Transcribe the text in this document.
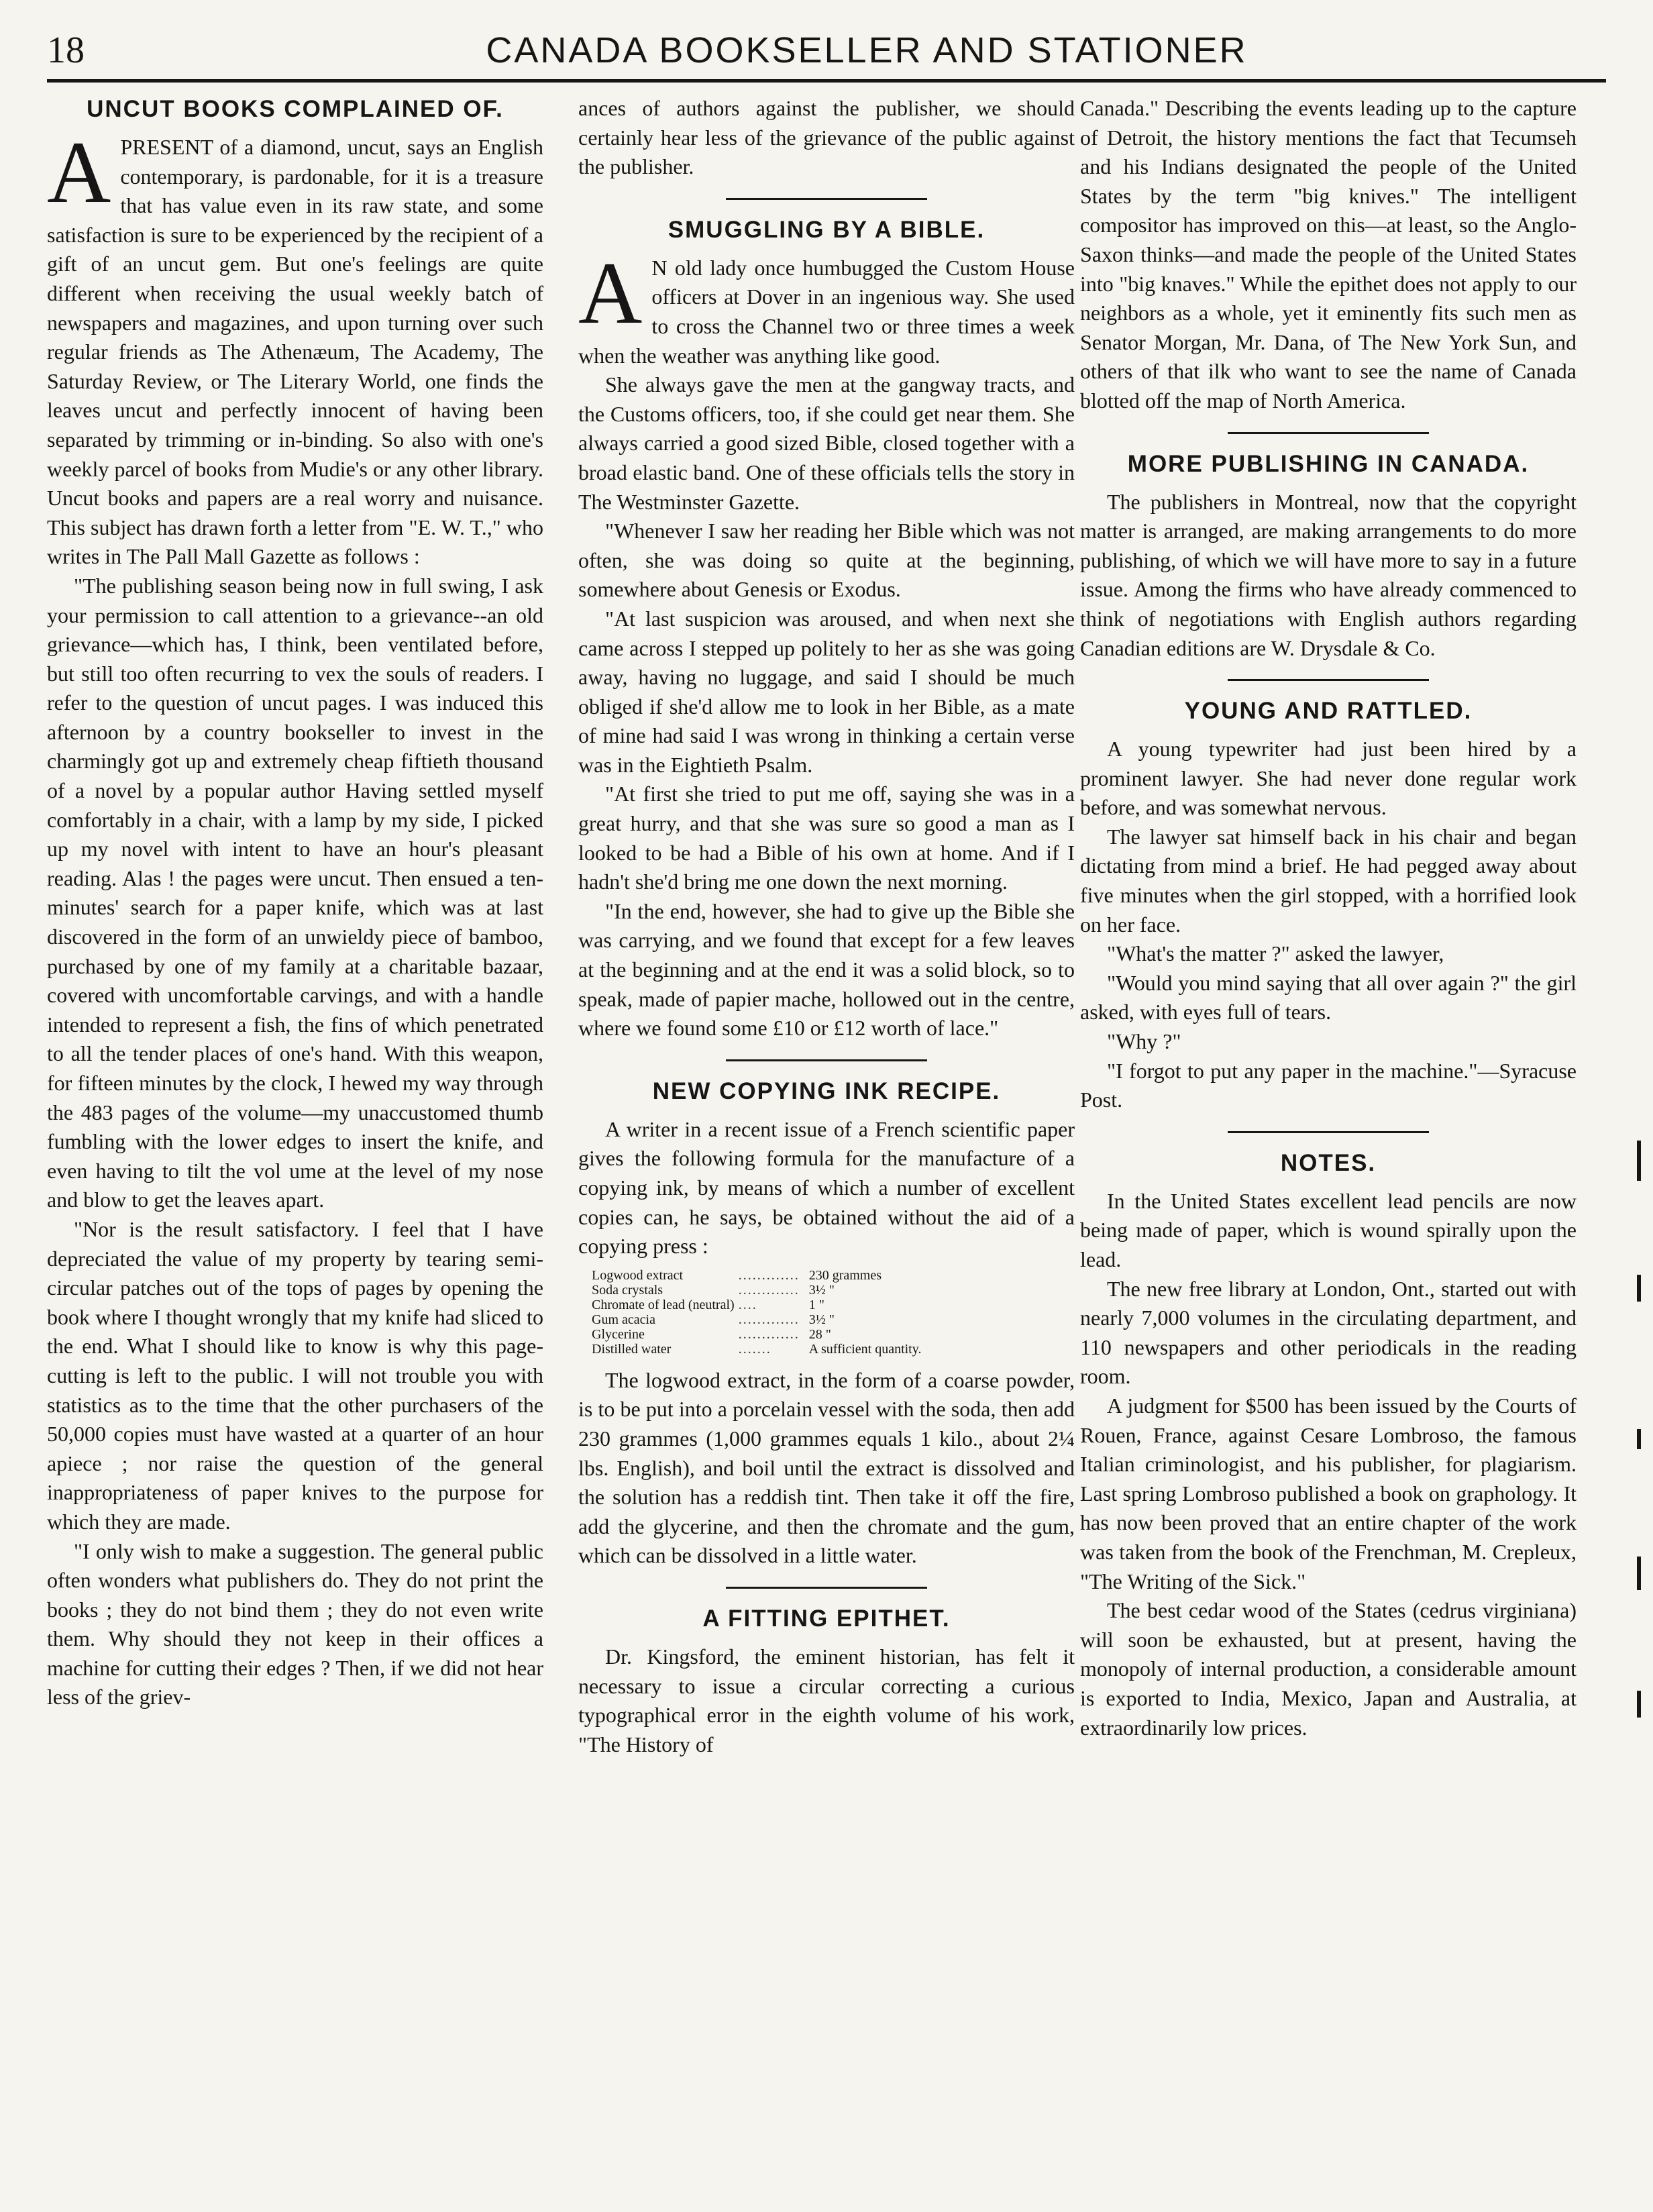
18	CANADA BOOKSELLER AND STATIONER
UNCUT BOOKS COMPLAINED OF.

APRESENT of a diamond, uncut, says an English contemporary, is pardonable, for it is a treasure that has value even in its raw state, and some satisfaction is sure to be experienced by the recipient of a gift of an uncut gem. But one's feelings are quite different when receiving the usual weekly batch of newspapers and magazines, and upon turning over such regular friends as The Athenæum, The Academy, The Saturday Review, or The Literary World, one finds the leaves uncut and perfectly innocent of having been separated by trimming or in-binding. So also with one's weekly parcel of books from Mudie's or any other library. Uncut books and papers are a real worry and nuisance. This subject has drawn forth a letter from "E. W. T.," who writes in The Pall Mall Gazette as follows :

"The publishing season being now in full swing, I ask your permission to call attention to a grievance--an old grievance—which has, I think, been ventilated before, but still too often recurring to vex the souls of readers. I refer to the question of uncut pages. I was induced this afternoon by a country bookseller to invest in the charmingly got up and extremely cheap fiftieth thousand of a novel by a popular author Having settled myself comfortably in a chair, with a lamp by my side, I picked up my novel with intent to have an hour's pleasant reading. Alas ! the pages were uncut. Then ensued a ten-minutes' search for a paper knife, which was at last discovered in the form of an unwieldy piece of bamboo, purchased by one of my family at a charitable bazaar, covered with uncomfortable carvings, and with a handle intended to represent a fish, the fins of which penetrated to all the tender places of one's hand. With this weapon, for fifteen minutes by the clock, I hewed my way through the 483 pages of the volume—my unaccustomed thumb fumbling with the lower edges to insert the knife, and even having to tilt the vol ume at the level of my nose and blow to get the leaves apart.

"Nor is the result satisfactory. I feel that I have depreciated the value of my property by tearing semi-circular patches out of the tops of pages by opening the book where I thought wrongly that my knife had sliced to the end. What I should like to know is why this page-cutting is left to the public. I will not trouble you with statistics as to the time that the other purchasers of the 50,000 copies must have wasted at a quarter of an hour apiece ; nor raise the question of the general inappropriateness of paper knives to the purpose for which they are made.

"I only wish to make a suggestion. The general public often wonders what publishers do. They do not print the books ; they do not bind them ; they do not even write them. Why should they not keep in their offices a machine for cutting their edges ? Then, if we did not hear less of the griev-

ances of authors against the publisher, we should certainly hear less of the grievance of the public against the publisher.

SMUGGLING BY A BIBLE.

A N old lady once humbugged the Custom House officers at Dover in an ingenious way. She used to cross the Channel two or three times a week when the weather was anything like good.

She always gave the men at the gangway tracts, and the Customs officers, too, if she could get near them. She always carried a good sized Bible, closed together with a broad elastic band. One of these officials tells the story in The Westminster Gazette.

"Whenever I saw her reading her Bible which was not often, she was doing so quite at the beginning, somewhere about Genesis or Exodus.

"At last suspicion was aroused, and when next she came across I stepped up politely to her as she was going away, having no luggage, and said I should be much obliged if she'd allow me to look in her Bible, as a mate of mine had said I was wrong in thinking a certain verse was in the Eightieth Psalm.

"At first she tried to put me off, saying she was in a great hurry, and that she was sure so good a man as I looked to be had a Bible of his own at home. And if I hadn't she'd bring me one down the next morning.

"In the end, however, she had to give up the Bible she was carrying, and we found that except for a few leaves at the beginning and at the end it was a solid block, so to speak, made of papier mache, hollowed out in the centre, where we found some £10 or £12 worth of lace."

NEW COPYING INK RECIPE.

A writer in a recent issue of a French scientific paper gives the following formula for the manufacture of a copying ink, by means of which a number of excellent copies can, he says, be obtained without the aid of a copying press :

Logwood extract	.............	230 grammes
Soda crystals	.............	3½ "
Chromate of lead (neutral)	....	1 "
Gum acacia	.............	3½ "
Glycerine	.............	28 "
Distilled water	.......	A sufficient quantity.

The logwood extract, in the form of a coarse powder, is to be put into a porcelain vessel with the soda, then add 230 grammes (1,000 grammes equals 1 kilo., about 2¼ lbs. English), and boil until the extract is dissolved and the solution has a reddish tint. Then take it off the fire, add the glycerine, and then the chromate and the gum, which can be dissolved in a little water.

A FITTING EPITHET.

Dr. Kingsford, the eminent historian, has felt it necessary to issue a circular correcting a curious typographical error in the eighth volume of his work, "The History of

Canada." Describing the events leading up to the capture of Detroit, the history mentions the fact that Tecumseh and his Indians designated the people of the United States by the term "big knives." The intelligent compositor has improved on this—at least, so the Anglo-Saxon thinks—and made the people of the United States into "big knaves." While the epithet does not apply to our neighbors as a whole, yet it eminently fits such men as Senator Morgan, Mr. Dana, of The New York Sun, and others of that ilk who want to see the name of Canada blotted off the map of North America.

MORE PUBLISHING IN CANADA.

The publishers in Montreal, now that the copyright matter is arranged, are making arrangements to do more publishing, of which we will have more to say in a future issue. Among the firms who have already commenced to think of negotiations with English authors regarding Canadian editions are W. Drysdale & Co.

YOUNG AND RATTLED.

A young typewriter had just been hired by a prominent lawyer. She had never done regular work before, and was somewhat nervous.

The lawyer sat himself back in his chair and began dictating from mind a brief. He had pegged away about five minutes when the girl stopped, with a horrified look on her face.

"What's the matter ?" asked the lawyer,

"Would you mind saying that all over again ?" the girl asked, with eyes full of tears.

"Why ?"

"I forgot to put any paper in the machine."—Syracuse Post.

NOTES.

In the United States excellent lead pencils are now being made of paper, which is wound spirally upon the lead.

The new free library at London, Ont., started out with nearly 7,000 volumes in the circulating department, and 110 newspapers and other periodicals in the reading room.

A judgment for $500 has been issued by the Courts of Rouen, France, against Cesare Lombroso, the famous Italian criminologist, and his publisher, for plagiarism. Last spring Lombroso published a book on graphology. It has now been proved that an entire chapter of the work was taken from the book of the Frenchman, M. Crepleux, "The Writing of the Sick."

The best cedar wood of the States (cedrus virginiana) will soon be exhausted, but at present, having the monopoly of internal production, a considerable amount is exported to India, Mexico, Japan and Australia, at extraordinarily low prices.
